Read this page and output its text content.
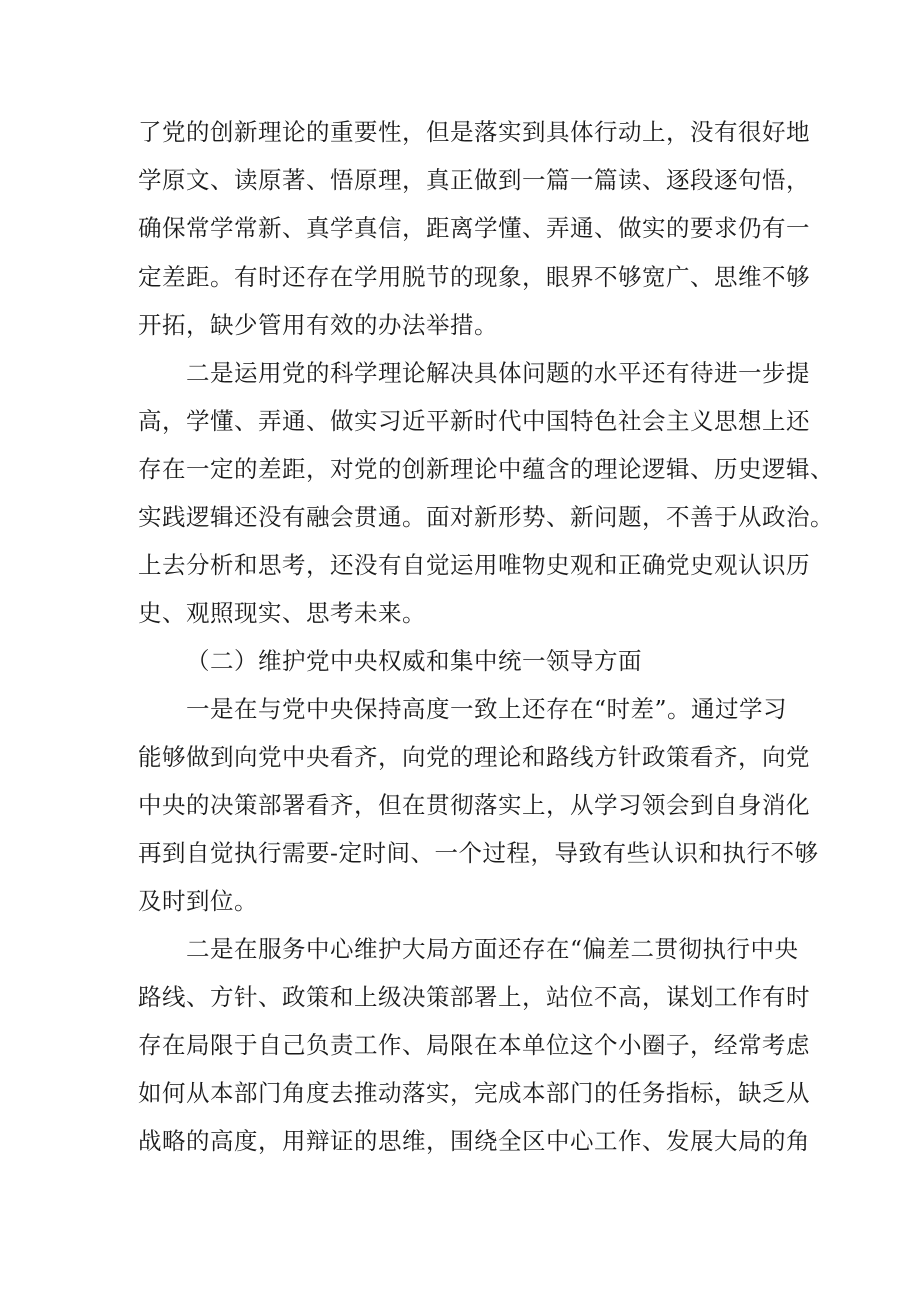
了党的创新理论的重要性，但是落实到具体行动上，没有很好地
学原文、读原著、悟原理，真正做到一篇一篇读、逐段逐句悟，
确保常学常新、真学真信，距离学懂、弄通、做实的要求仍有一
定差距。有时还存在学用脱节的现象，眼界不够宽广、思维不够
开拓，缺少管用有效的办法举措。
二是运用党的科学理论解决具体问题的水平还有待进一步提
高，学懂、弄通、做实习近平新时代中国特色社会主义思想上还
存在一定的差距，对党的创新理论中蕴含的理论逻辑、历史逻辑、
实践逻辑还没有融会贯通。面对新形势、新问题，不善于从政治。
上去分析和思考，还没有自觉运用唯物史观和正确党史观认识历
史、观照现实、思考未来。
（二）维护党中央权威和集中统一领导方面
一是在与党中央保持高度一致上还存在“时差”。通过学习
能够做到向党中央看齐，向党的理论和路线方针政策看齐，向党
中央的决策部署看齐，但在贯彻落实上，从学习领会到自身消化
再到自觉执行需要-定时间、一个过程，导致有些认识和执行不够
及时到位。
二是在服务中心维护大局方面还存在“偏差二贯彻执行中央
路线、方针、政策和上级决策部署上，站位不高，谋划工作有时
存在局限于自己负责工作、局限在本单位这个小圈子，经常考虑
如何从本部门角度去推动落实，完成本部门的任务指标，缺乏从
战略的高度，用辩证的思维，围绕全区中心工作、发展大局的角
